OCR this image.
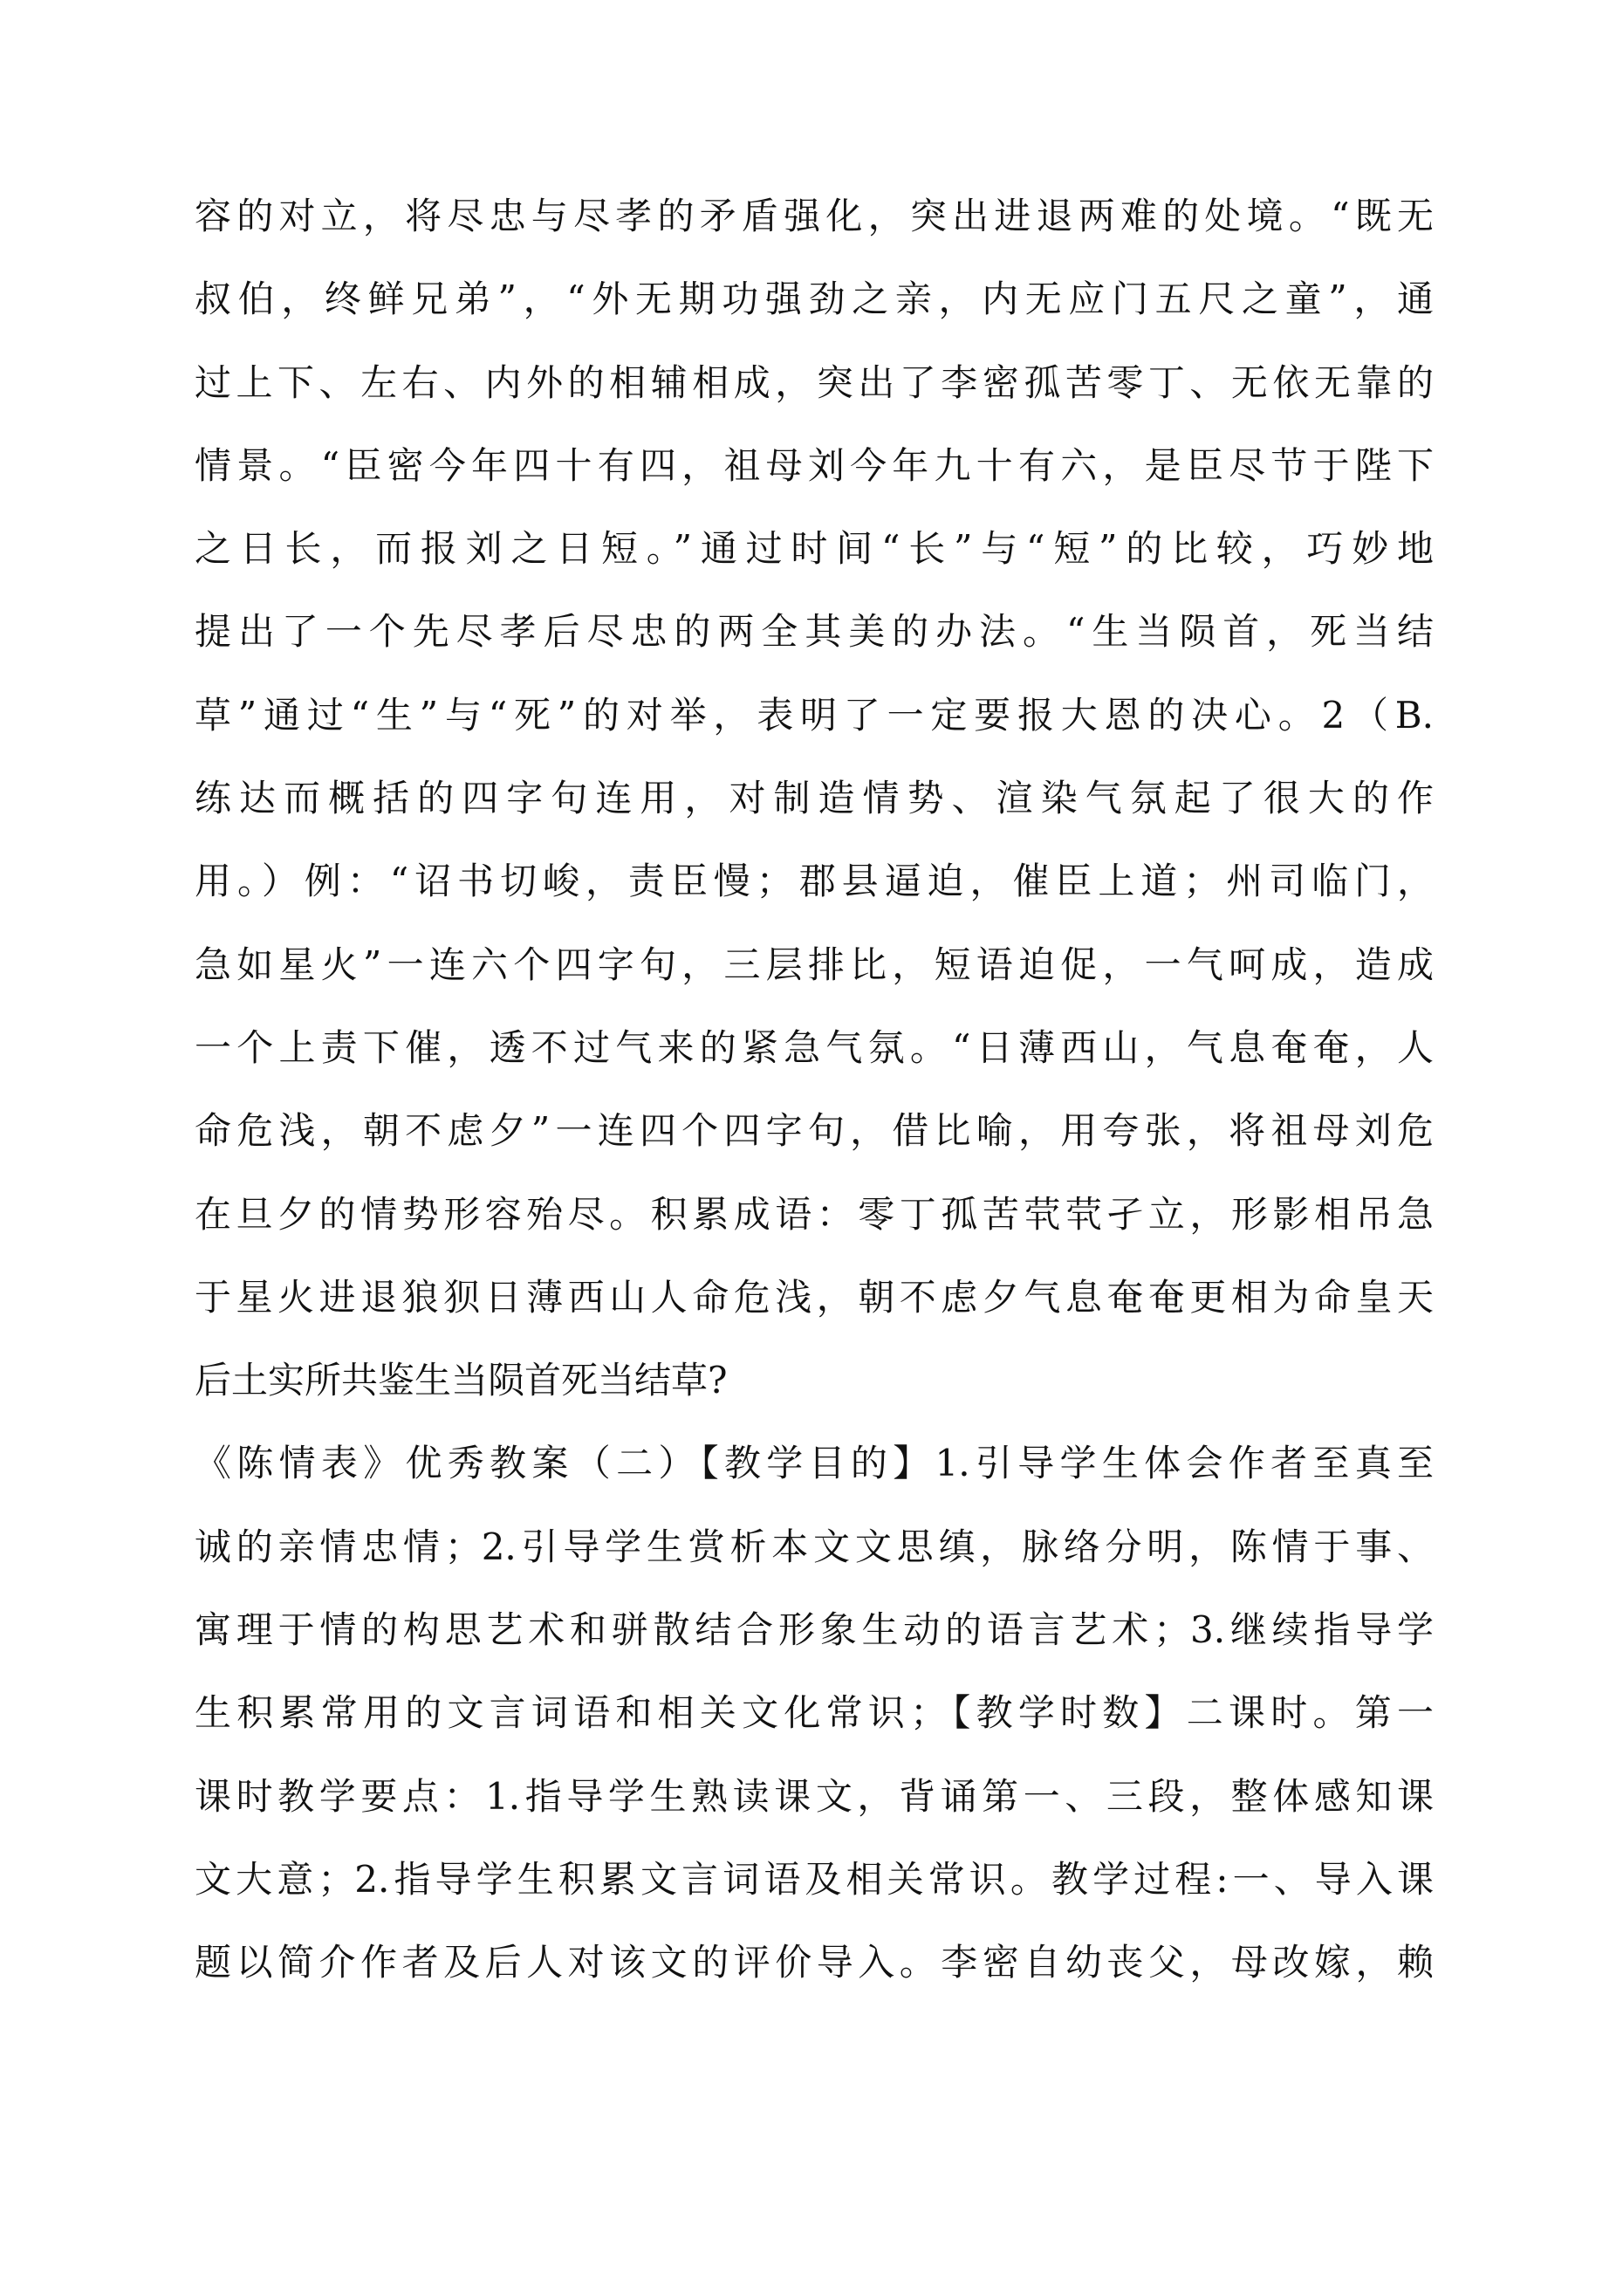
容的对立，将尽忠与尽孝的矛盾强化，突出进退两难的处境。“既无
叔伯，终鲜兄弟”，“外无期功强劲之亲，内无应门五尺之童”，通
过上下、左右、内外的相辅相成，突出了李密孤苦零丁、无依无靠的
情景。“臣密今年四十有四，祖母刘今年九十有六，是臣尽节于陛下
之日长，而报刘之日短。”通过时间“长”与“短”的比较，巧妙地
提出了一个先尽孝后尽忠的两全其美的办法。“生当陨首，死当结
草”通过“生”与“死”的对举，表明了一定要报大恩的决心。2（B.
练达而概括的四字句连用，对制造情势、渲染气氛起了很大的作
用。）例：“诏书切峻，责臣慢；郡县逼迫，催臣上道；州司临门，
急如星火”一连六个四字句，三层排比，短语迫促，一气呵成，造成
一个上责下催，透不过气来的紧急气氛。“日薄西山，气息奄奄，人
命危浅，朝不虑夕”一连四个四字句，借比喻，用夸张，将祖母刘危
在旦夕的情势形容殆尽。积累成语：零丁孤苦茕茕孑立，形影相吊急
于星火进退狼狈日薄西山人命危浅，朝不虑夕气息奄奄更相为命皇天
后土实所共鉴生当陨首死当结草?
《陈情表》优秀教案（二）【教学目的】1.引导学生体会作者至真至
诚的亲情忠情；2.引导学生赏析本文文思缜，脉络分明，陈情于事、
寓理于情的构思艺术和骈散结合形象生动的语言艺术；3.继续指导学
生积累常用的文言词语和相关文化常识；【教学时数】二课时。第一
课时教学要点：1.指导学生熟读课文，背诵第一、三段，整体感知课
文大意；2.指导学生积累文言词语及相关常识。教学过程:一、导入课
题以简介作者及后人对该文的评价导入。李密自幼丧父，母改嫁，赖
